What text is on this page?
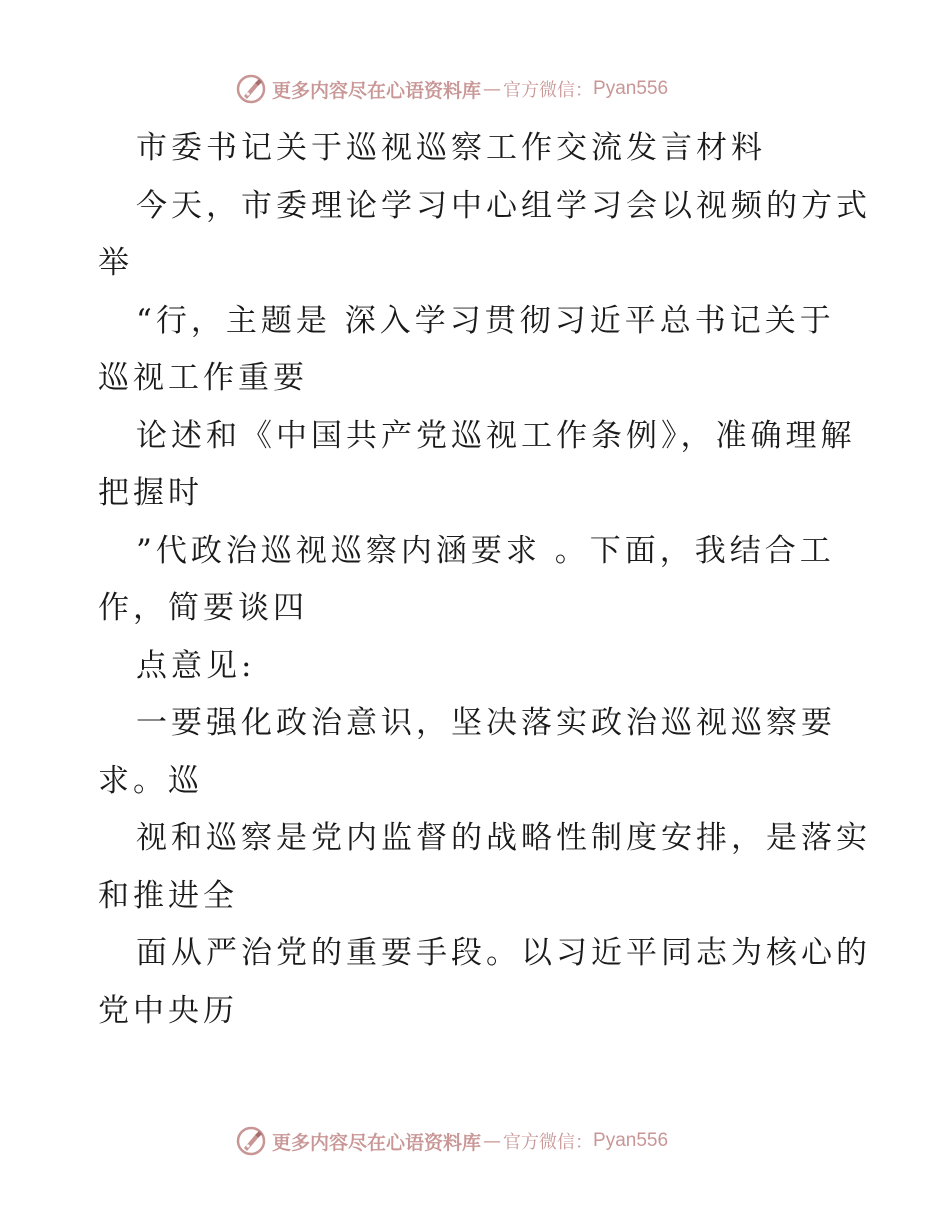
更多内容尽在心语资料库 — 官方微信： Pyan556
市委书记关于巡视巡察工作交流发言材料
今天，市委理论学习中心组学习会以视频的方式
举
“行，主题是 深入学习贯彻习近平总书记关于
巡视工作重要
论述和《中国共产党巡视工作条例》，准确理解
把握时
”代政治巡视巡察内涵要求 。下面，我结合工
作，简要谈四
点意见:
一要强化政治意识，坚决落实政治巡视巡察要
求。巡
视和巡察是党内监督的战略性制度安排，是落实
和推进全
面从严治党的重要手段。以习近平同志为核心的
党中央历
更多内容尽在心语资料库 — 官方微信： Pyan556
